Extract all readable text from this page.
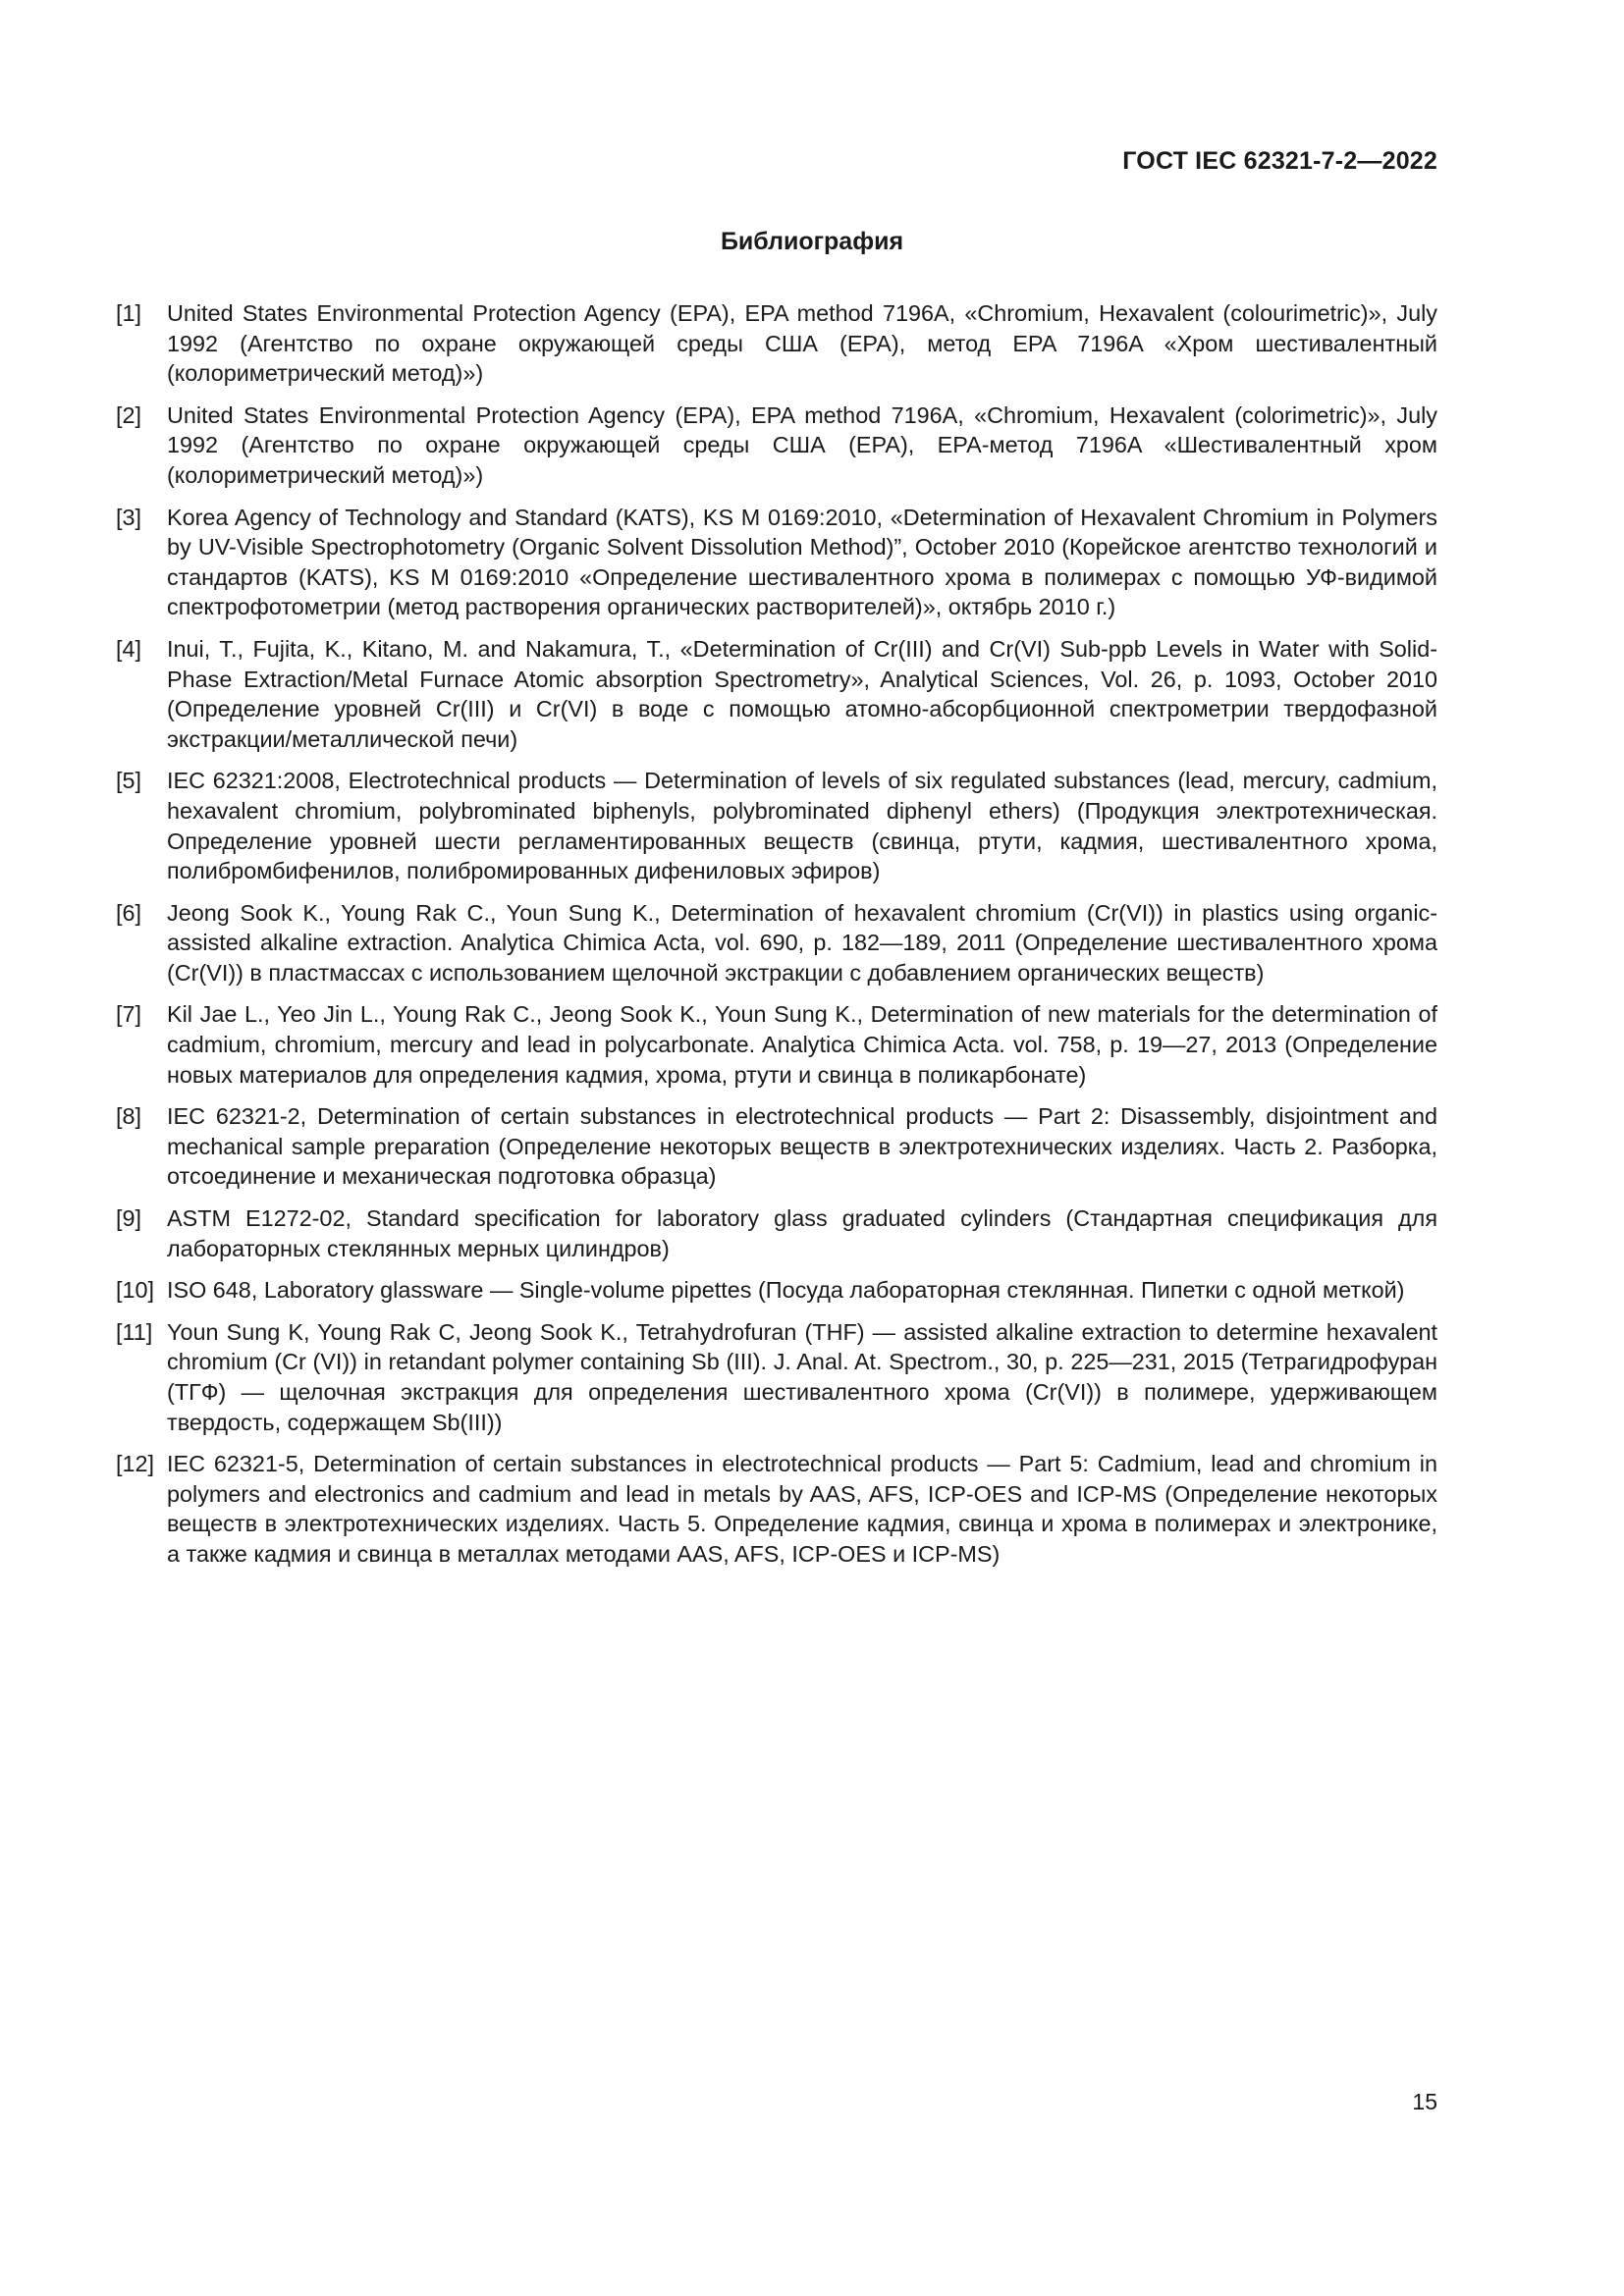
ГОСТ IEC 62321-7-2—2022
Библиография
[1]	United States Environmental Protection Agency (EPA), EPA method 7196A, «Chromium, Hexavalent (colourimetric)», July 1992 (Агентство по охране окружающей среды США (EPA), метод EPA 7196A «Хром шестивалентный (колориметрический метод)»)
[2]	United States Environmental Protection Agency (EPA), EPA method 7196A, «Chromium, Hexavalent (colorimetric)», July 1992 (Агентство по охране окружающей среды США (EPA), EPA-метод 7196A «Шестивалентный хром (колориметрический метод)»)
[3]	Korea Agency of Technology and Standard (KATS), KS M 0169:2010, «Determination of Hexavalent Chromium in Polymers by UV-Visible Spectrophotometry (Organic Solvent Dissolution Method)”, October 2010 (Корейское агентство технологий и стандартов (KATS), KS M 0169:2010 «Определение шестивалентного хрома в полимерах с помощью УФ-видимой спектрофотометрии (метод растворения органических растворителей)», октябрь 2010 г.)
[4]	Inui, T., Fujita, K., Kitano, M. and Nakamura, T., «Determination of Cr(III) and Cr(VI) Sub-ppb Levels in Water with Solid-Phase Extraction/Metal Furnace Atomic absorption Spectrometry», Analytical Sciences, Vol. 26, p. 1093, October 2010 (Определение уровней Cr(III) и Cr(VI) в воде с помощью атомно-абсорбционной спектрометрии твердофазной экстракции/металлической печи)
[5]	IEC 62321:2008, Electrotechnical products — Determination of levels of six regulated substances (lead, mercury, cadmium, hexavalent chromium, polybrominated biphenyls, polybrominated diphenyl ethers) (Продукция электротехническая. Определение уровней шести регламентированных веществ (свинца, ртути, кадмия, шестивалентного хрома, полибромбифенилов, полибромированных дифениловых эфиров)
[6]	Jeong Sook K., Young Rak C., Youn Sung K., Determination of hexavalent chromium (Cr(VI)) in plastics using organic-assisted alkaline extraction. Analytica Chimica Acta, vol. 690, p. 182—189, 2011 (Определение шестивалентного хрома (Cr(VI)) в пластмассах с использованием щелочной экстракции с добавлением органических веществ)
[7]	Kil Jae L., Yeo Jin L., Young Rak C., Jeong Sook K., Youn Sung K., Determination of new materials for the determination of cadmium, chromium, mercury and lead in polycarbonate. Analytica Chimica Acta. vol. 758, p. 19—27, 2013 (Определение новых материалов для определения кадмия, хрома, ртути и свинца в поликарбонате)
[8]	IEC 62321-2, Determination of certain substances in electrotechnical products — Part 2: Disassembly, disjointment and mechanical sample preparation (Определение некоторых веществ в электротехнических изделиях. Часть 2. Разборка, отсоединение и механическая подготовка образца)
[9]	ASTM E1272-02, Standard specification for laboratory glass graduated cylinders (Стандартная спецификация для лабораторных стеклянных мерных цилиндров)
[10] ISO 648, Laboratory glassware — Single-volume pipettes (Посуда лабораторная стеклянная. Пипетки с одной меткой)
[11] Youn Sung K, Young Rak C, Jeong Sook K., Tetrahydrofuran (THF) — assisted alkaline extraction to determine hexavalent chromium (Cr (VI)) in retandant polymer containing Sb (III). J. Anal. At. Spectrom., 30, p. 225—231, 2015 (Тетрагидрофуран (ТГФ) — щелочная экстракция для определения шестивалентного хрома (Cr(VI)) в полимере, удерживающем твердость, содержащем Sb(III))
[12] IEC 62321-5, Determination of certain substances in electrotechnical products — Part 5: Cadmium, lead and chromium in polymers and electronics and cadmium and lead in metals by AAS, AFS, ICP-OES and ICP-MS (Определение некоторых веществ в электротехнических изделиях. Часть 5. Определение кадмия, свинца и хрома в полимерах и электронике, а также кадмия и свинца в металлах методами AAS, AFS, ICP-OES и ICP-MS)
15
